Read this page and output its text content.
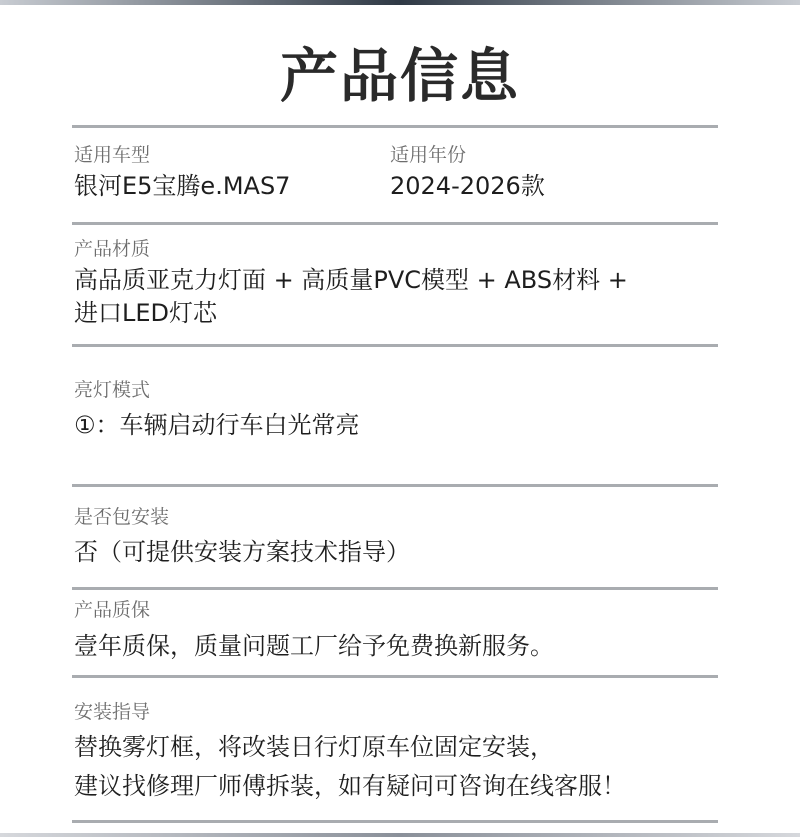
产品信息
适用车型
银河E5宝腾e.MAS7
适用年份
2024-2026款
产品材质
高品质亚克力灯面 + 高质量PVC模型 + ABS材料 +
进口LED灯芯
亮灯模式
①：车辆启动行车白光常亮
是否包安装
否（可提供安装方案技术指导）
产品质保
壹年质保，质量问题工厂给予免费换新服务。
安装指导
替换雾灯框，将改装日行灯原车位固定安装，
建议找修理厂师傅拆装，如有疑问可咨询在线客服！
